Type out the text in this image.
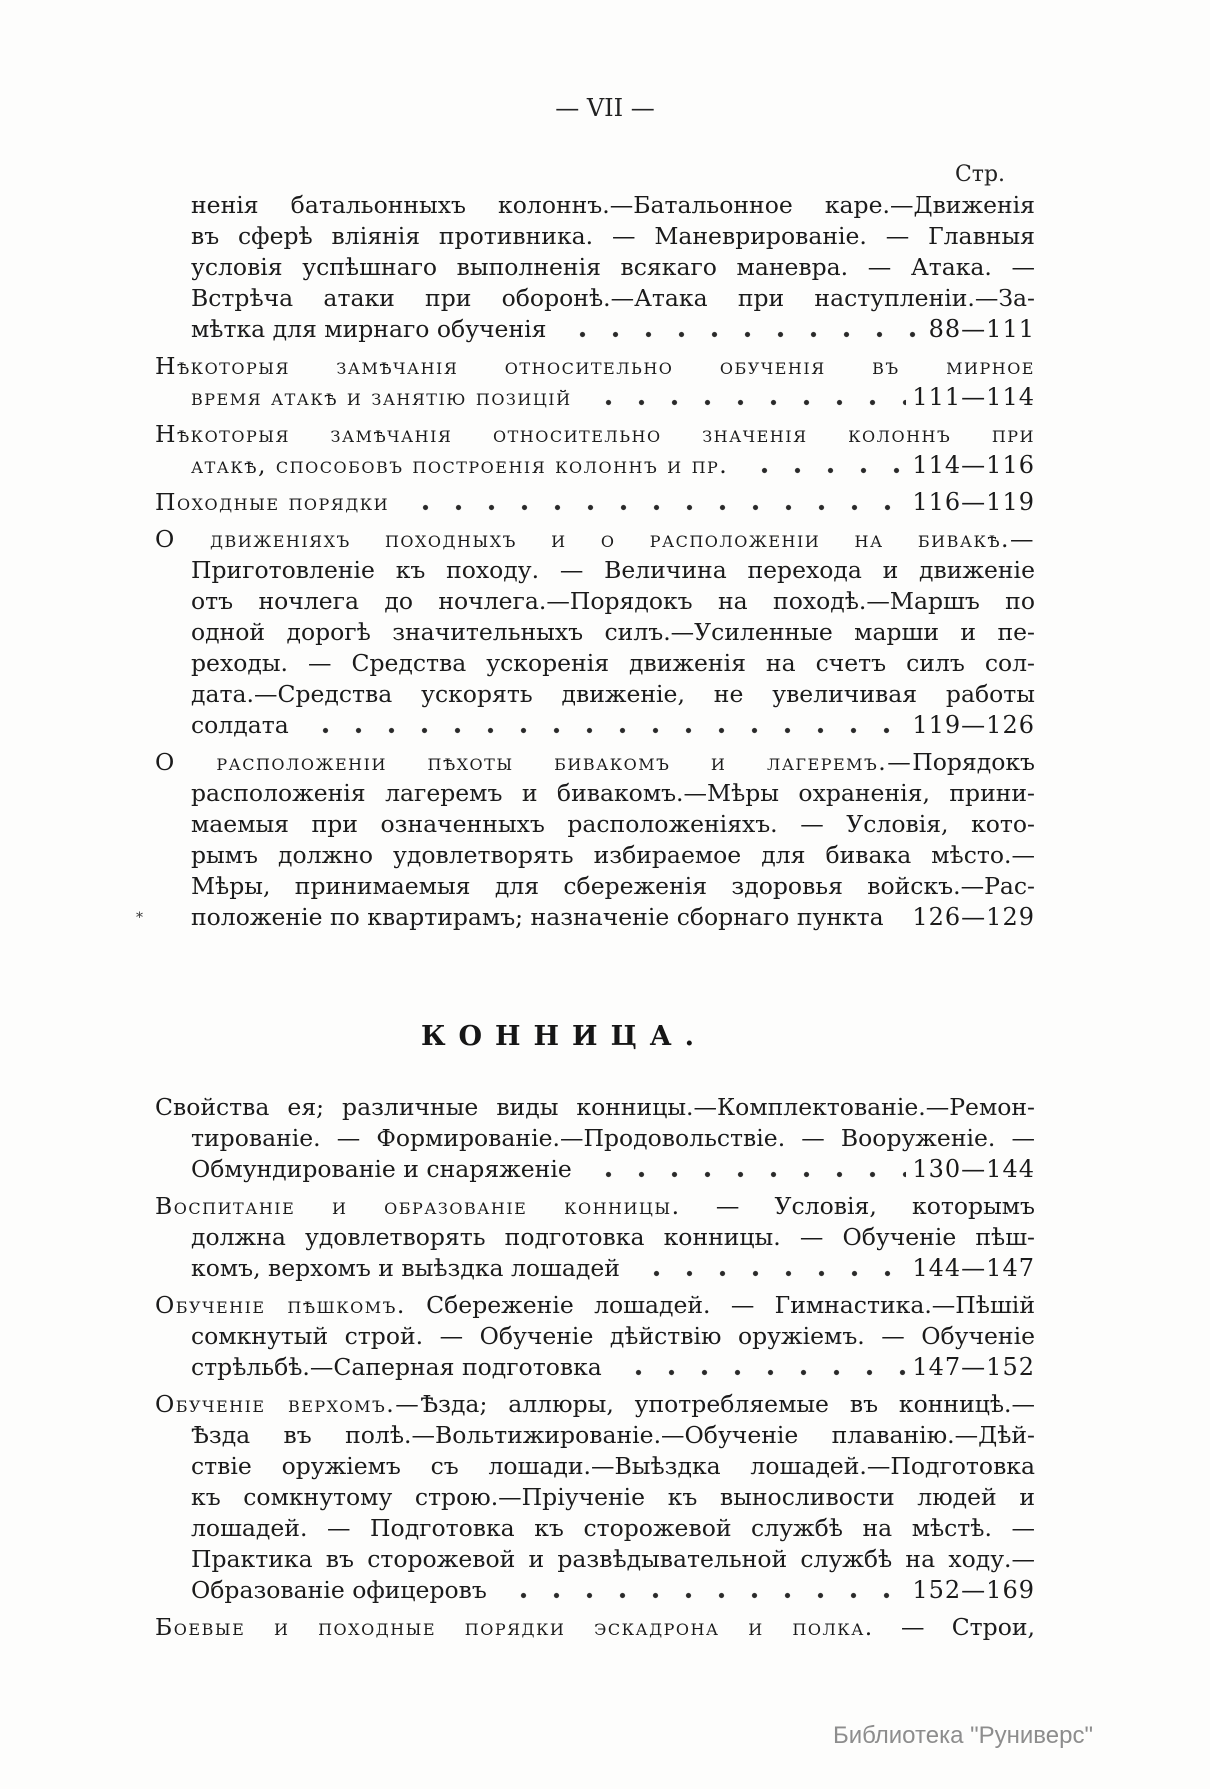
— VII —
Стр.
ненія батальонныхъ колоннъ.—Батальонное каре.—Движенія
въ сферѣ вліянія противника. — Маневрированіе. — Главныя
условія успѣшнаго выполненія всякаго маневра. — Атака. —
Встрѣча атаки при оборонѣ.—Атака при наступленіи.—За-
мѣтка для мирнаго обученія	88—111
Нѣкоторыя замѣчанія относительно обученія въ мирное
время атакѣ и занятію позицій	111—114
Нѣкоторыя замѣчанія относительно значенія колоннъ при
атакѣ, способовъ построенія колоннъ и пр.	114—116
Походные порядки	116—119
О движеніяхъ походныхъ и о расположеніи на бивакѣ.—
Приготовленіе къ походу. — Величина перехода и движеніе
отъ ночлега до ночлега.—Порядокъ на походѣ.—Маршъ по
одной дорогѣ значительныхъ силъ.—Усиленные марши и пе-
реходы. — Средства ускоренія движенія на счетъ силъ сол-
дата.—Средства ускорять движеніе, не увеличивая работы
солдата	119—126
О расположеніи пѣхоты бивакомъ и лагеремъ.—Порядокъ
расположенія лагеремъ и бивакомъ.—Мѣры охраненія, прини-
маемыя при означенныхъ расположеніяхъ. — Условія, кото-
рымъ должно удовлетворять избираемое для бивака мѣсто.—
Мѣры, принимаемыя для сбереженія здоровья войскъ.—Рас-
* положеніе по квартирамъ; назначеніе сборнаго пункта 126—129
КОННИЦА.
Свойства ея; различные виды конницы.—Комплектованіе.—Ремон-
тированіе. — Формированіе.—Продовольствіе. — Вооруженіе. —
Обмундированіе и снаряженіе	130—144
Воспитаніе и образованіе конницы. — Условія, которымъ
должна удовлетворять подготовка конницы. — Обученіе пѣш-
комъ, верхомъ и выѣздка лошадей	144—147
Обученіе пѣшкомъ. Сбереженіе лошадей. — Гимнастика.—Пѣшій
сомкнутый строй. — Обученіе дѣйствію оружіемъ. — Обученіе
стрѣльбѣ.—Саперная подготовка	147—152
Обученіе верхомъ.—Ѣзда; аллюры, употребляемые въ конницѣ.—
Ѣзда въ полѣ.—Вольтижированіе.—Обученіе плаванію.—Дѣй-
ствіе оружіемъ съ лошади.—Выѣздка лошадей.—Подготовка
къ сомкнутому строю.—Пріученіе къ выносливости людей и
лошадей. — Подготовка къ сторожевой службѣ на мѣстѣ. —
Практика въ сторожевой и развѣдывательной службѣ на ходу.—
Образованіе офицеровъ	152—169
Боевые и походные порядки эскадрона и полка. — Строи,
Библиотека "Руниверс"
